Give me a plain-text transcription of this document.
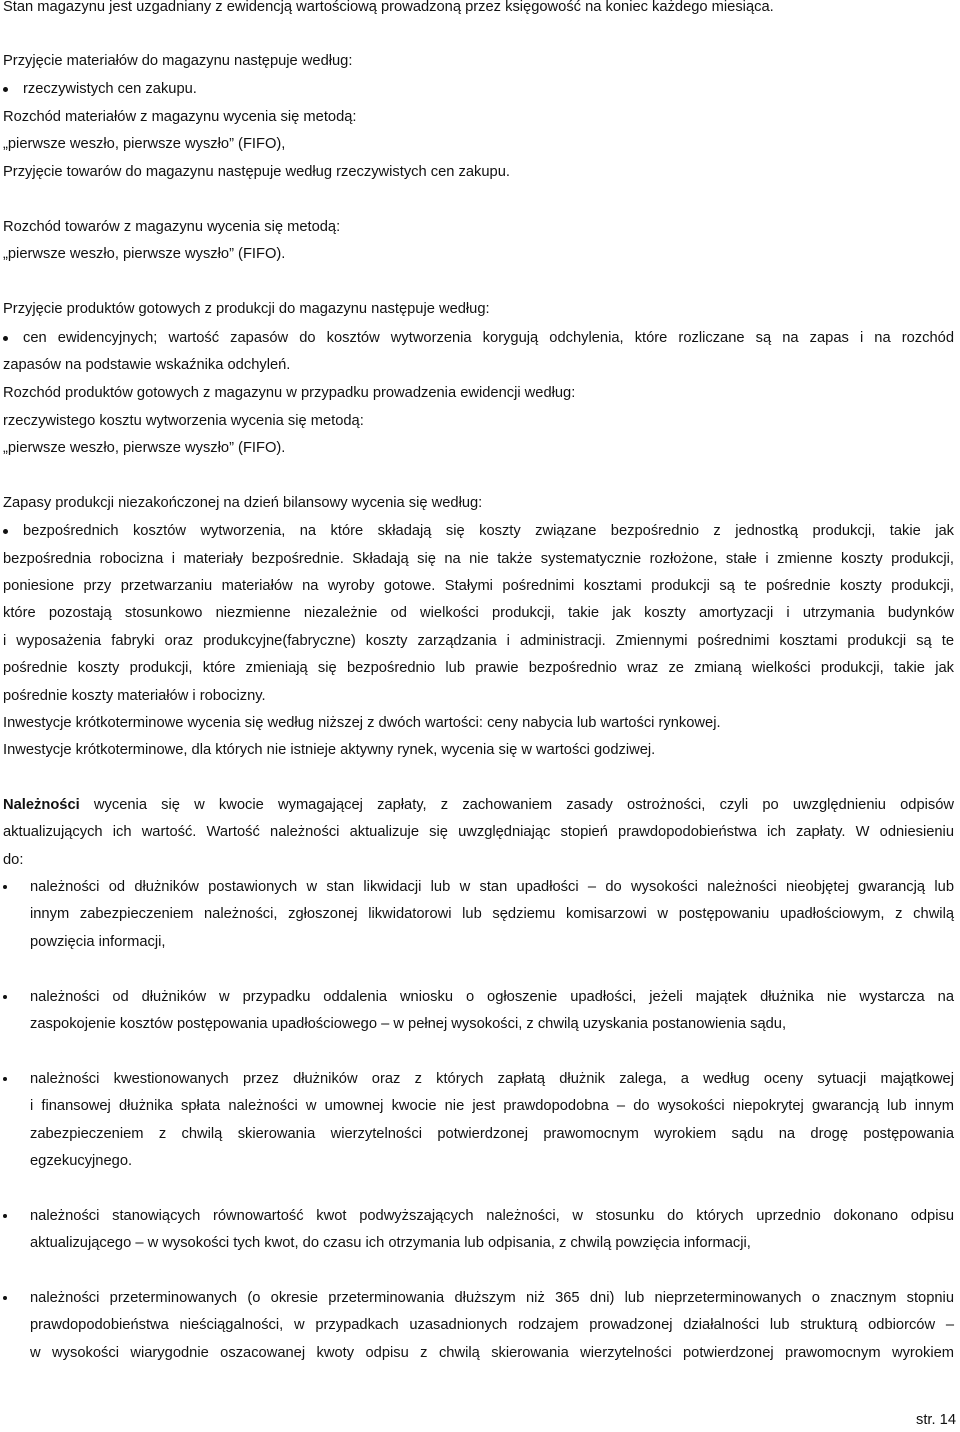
Stan magazynu jest uzgadniany z ewidencją wartościową prowadzoną przez księgowość na koniec każdego miesiąca.
Przyjęcie materiałów do magazynu następuje według:
rzeczywistych cen zakupu.
Rozchód materiałów z magazynu wycenia się metodą:
„pierwsze weszło, pierwsze wyszło” (FIFO),
Przyjęcie towarów do magazynu następuje według rzeczywistych cen zakupu.
Rozchód towarów z magazynu wycenia się metodą:
„pierwsze weszło, pierwsze wyszło” (FIFO).
Przyjęcie produktów gotowych z produkcji do magazynu następuje według:
cen ewidencyjnych; wartość zapasów do kosztów wytworzenia korygują odchylenia, które rozliczane są na zapas i na rozchód
zapasów na podstawie wskaźnika odchyleń.
Rozchód produktów gotowych z magazynu w przypadku prowadzenia ewidencji według:
rzeczywistego kosztu wytworzenia wycenia się metodą:
„pierwsze weszło, pierwsze wyszło” (FIFO).
Zapasy produkcji niezakończonej na dzień bilansowy wycenia się według:
bezpośrednich kosztów wytworzenia, na które składają się koszty związane bezpośrednio z jednostką produkcji, takie jak
bezpośrednia robocizna i materiały bezpośrednie. Składają się na nie także systematycznie rozłożone, stałe i zmienne koszty produkcji,
poniesione przy przetwarzaniu materiałów na wyroby gotowe. Stałymi pośrednimi kosztami produkcji są te pośrednie koszty produkcji,
które pozostają stosunkowo niezmienne niezależnie od wielkości produkcji, takie jak koszty amortyzacji i utrzymania budynków
i wyposażenia fabryki oraz produkcyjne(fabryczne) koszty zarządzania i administracji. Zmiennymi pośrednimi kosztami produkcji są te
pośrednie koszty produkcji, które zmieniają się bezpośrednio lub prawie bezpośrednio wraz ze zmianą wielkości produkcji, takie jak
pośrednie koszty materiałów i robocizny.
Inwestycje krótkoterminowe wycenia się według niższej z dwóch wartości: ceny nabycia lub wartości rynkowej.
Inwestycje krótkoterminowe, dla których nie istnieje aktywny rynek, wycenia się w wartości godziwej.
Należności wycenia się w kwocie wymagającej zapłaty, z zachowaniem zasady ostrożności, czyli po uwzględnieniu odpisów
aktualizujących ich wartość. Wartość należności aktualizuje się uwzględniając stopień prawdopodobieństwa ich zapłaty. W odniesieniu
do:
należności od dłużników postawionych w stan likwidacji lub w stan upadłości – do wysokości należności nieobjętej gwarancją lub
innym zabezpieczeniem należności, zgłoszonej likwidatorowi lub sędziemu komisarzowi w postępowaniu upadłościowym, z chwilą
powzięcia informacji,
należności od dłużników w przypadku oddalenia wniosku o ogłoszenie upadłości, jeżeli majątek dłużnika nie wystarcza na
zaspokojenie kosztów postępowania upadłościowego – w pełnej wysokości, z chwilą uzyskania postanowienia sądu,
należności kwestionowanych przez dłużników oraz z których zapłatą dłużnik zalega, a według oceny sytuacji majątkowej
i finansowej dłużnika spłata należności w umownej kwocie nie jest prawdopodobna – do wysokości niepokrytej gwarancją lub innym
zabezpieczeniem z chwilą skierowania wierzytelności potwierdzonej prawomocnym wyrokiem sądu na drogę postępowania
egzekucyjnego.
należności stanowiących równowartość kwot podwyższających należności, w stosunku do których uprzednio dokonano odpisu
aktualizującego – w wysokości tych kwot, do czasu ich otrzymania lub odpisania, z chwilą powzięcia informacji,
należności przeterminowanych (o okresie przeterminowania dłuższym niż 365 dni) lub nieprzeterminowanych o znacznym stopniu
prawdopodobieństwa nieściągalności, w przypadkach uzasadnionych rodzajem prowadzonej działalności lub strukturą odbiorców –
w wysokości wiarygodnie oszacowanej kwoty odpisu z chwilą skierowania wierzytelności potwierdzonej prawomocnym wyrokiem
str. 14
